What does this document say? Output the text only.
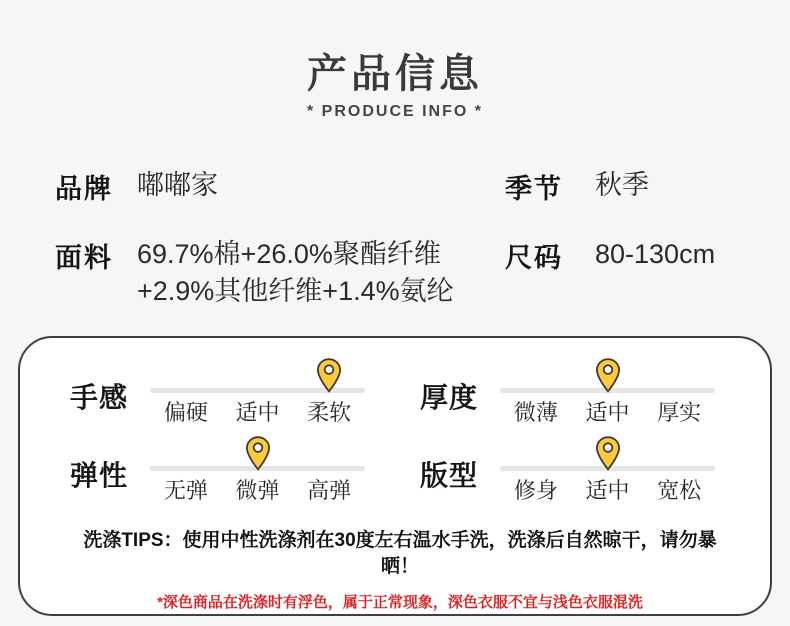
产品信息
* PRODUCE INFO *
品牌 嘟嘟家	季节 秋季
面料 69.7%棉+26.0%聚酯纤维
+2.9%其他纤维+1.4%氨纶
尺码 80-130cm
手感	偏硬	适中	柔软	厚度	微薄	适中	厚实
弹性	无弹	微弹	高弹	版型	修身	适中	宽松
洗涤TIPS：使用中性洗涤剂在30度左右温水手洗，洗涤后自然晾干，请勿暴晒！
*深色商品在洗涤时有浮色，属于正常现象，深色衣服不宜与浅色衣服混洗
